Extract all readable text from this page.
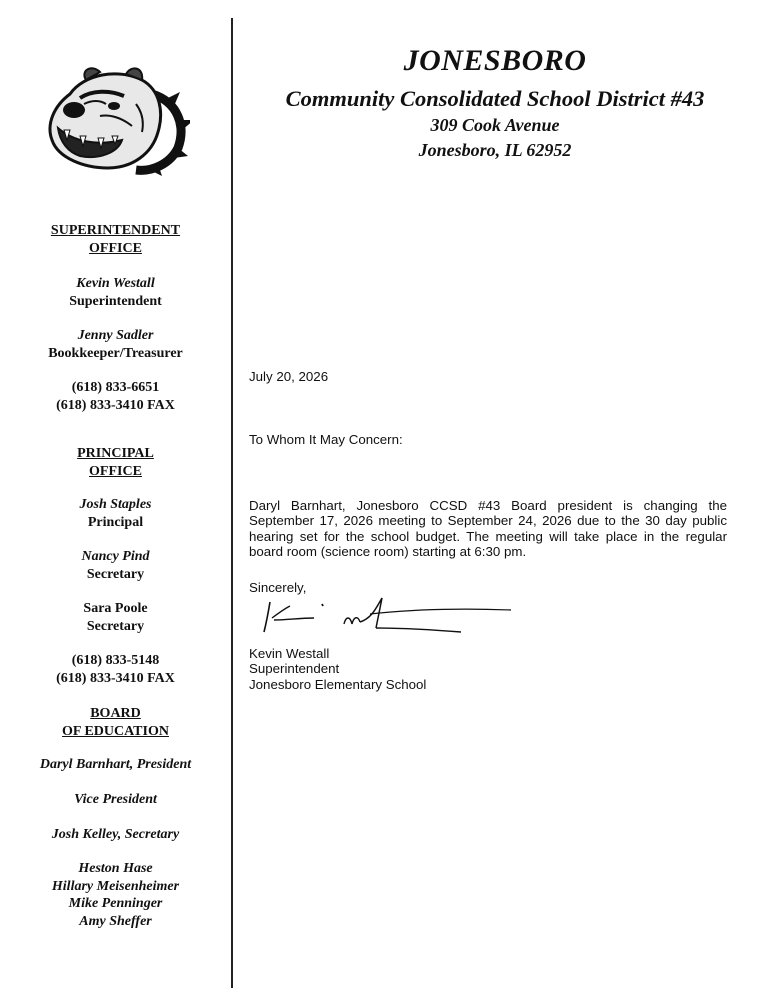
JONESBORO
Community Consolidated School District #43
309 Cook Avenue
Jonesboro, IL 62952
SUPERINTENDENT
OFFICE
Kevin Westall
Superintendent
Jenny Sadler
Bookkeeper/Treasurer
(618) 833-6651
(618) 833-3410 FAX
PRINCIPAL
OFFICE
Josh Staples
Principal
Nancy Pind
Secretary
Sara Poole
Secretary
(618) 833-5148
(618) 833-3410 FAX
BOARD
OF EDUCATION
Daryl Barnhart, President
Vice President
Josh Kelley, Secretary
Heston Hase
Hillary Meisenheimer
Mike Penninger
Amy Sheffer
July 20, 2026
To Whom It May Concern:
Daryl Barnhart, Jonesboro CCSD #43 Board president is changing the September 17, 2026 meeting to September 24, 2026 due to the 30 day public hearing set for the school budget. The meeting will take place in the regular board room (science room) starting at 6:30 pm.
Sincerely,
Kevin Westall
Superintendent
Jonesboro Elementary School
